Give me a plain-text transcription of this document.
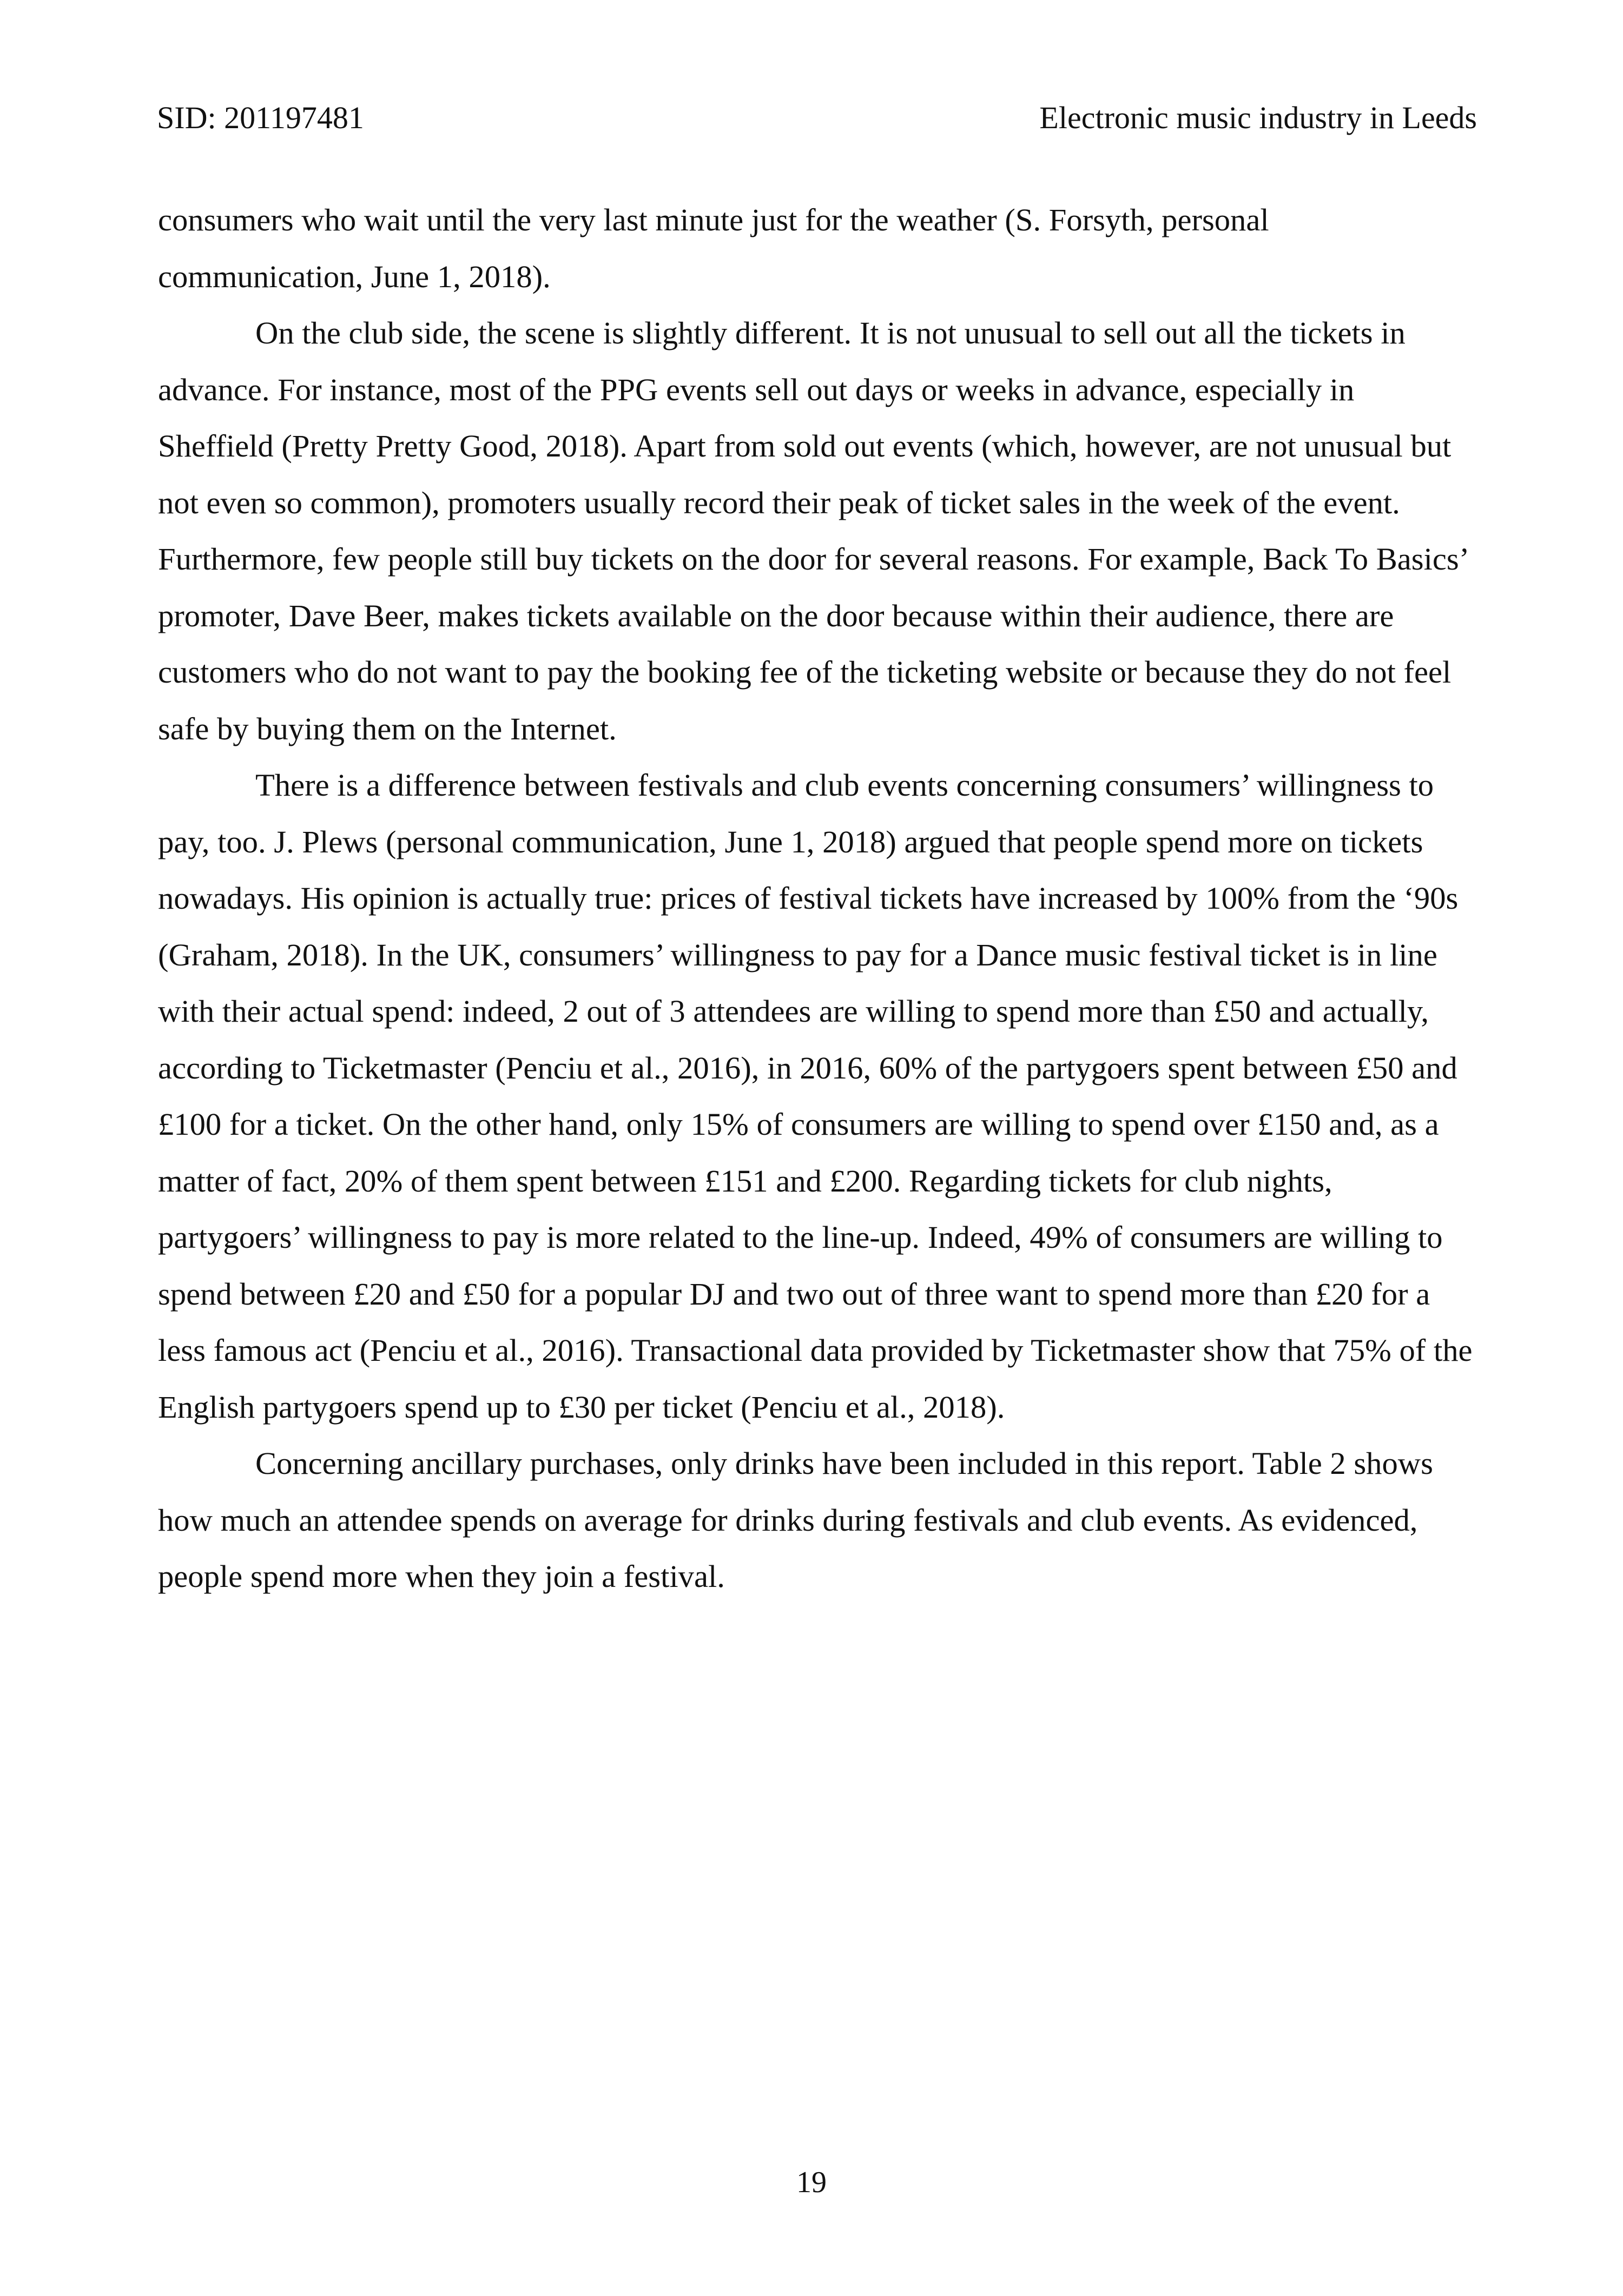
SID: 201197481	Electronic music industry in Leeds

consumers who wait until the very last minute just for the weather (S. Forsyth, personal communication, June 1, 2018).

On the club side, the scene is slightly different. It is not unusual to sell out all the tickets in advance. For instance, most of the PPG events sell out days or weeks in advance, especially in Sheffield (Pretty Pretty Good, 2018). Apart from sold out events (which, however, are not unusual but not even so common), promoters usually record their peak of ticket sales in the week of the event. Furthermore, few people still buy tickets on the door for several reasons. For example, Back To Basics’ promoter, Dave Beer, makes tickets available on the door because within their audience, there are customers who do not want to pay the booking fee of the ticketing website or because they do not feel safe by buying them on the Internet.

There is a difference between festivals and club events concerning consumers’ willingness to pay, too. J. Plews (personal communication, June 1, 2018) argued that people spend more on tickets nowadays. His opinion is actually true: prices of festival tickets have increased by 100% from the ‘90s (Graham, 2018). In the UK, consumers’ willingness to pay for a Dance music festival ticket is in line with their actual spend: indeed, 2 out of 3 attendees are willing to spend more than £50 and actually, according to Ticketmaster (Penciu et al., 2016), in 2016, 60% of the partygoers spent between £50 and £100 for a ticket. On the other hand, only 15% of consumers are willing to spend over £150 and, as a matter of fact, 20% of them spent between £151 and £200. Regarding tickets for club nights, partygoers’ willingness to pay is more related to the line-up. Indeed, 49% of consumers are willing to spend between £20 and £50 for a popular DJ and two out of three want to spend more than £20 for a less famous act (Penciu et al., 2016). Transactional data provided by Ticketmaster show that 75% of the English partygoers spend up to £30 per ticket (Penciu et al., 2018).

Concerning ancillary purchases, only drinks have been included in this report. Table 2 shows how much an attendee spends on average for drinks during festivals and club events. As evidenced, people spend more when they join a festival.

19
